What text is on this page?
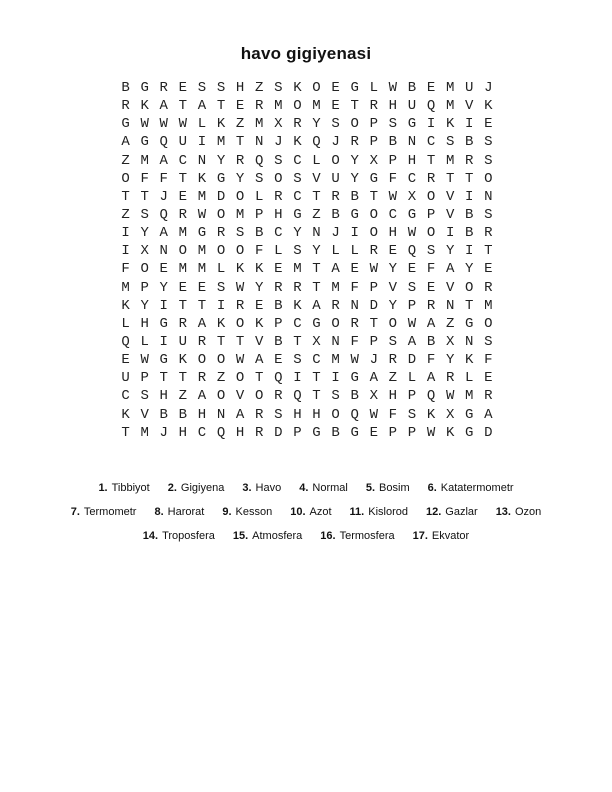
havo gigiyenasi
B G R E S S H Z S K O E G L W B E M U J
R K A T A T E R M O M E T R H U Q M V K
G W W W L K Z M X R Y S O P S G I K I E
A G Q U I M T N J K Q J R P B N C S B S
Z M A C N Y R Q S C L O Y X P H T M R S
O F F T K G Y S O S V U Y G F C R T T O
T T J E M D O L R C T R B T W X O V I N
Z S Q R W O M P H G Z B G O C G P V B S
I Y A M G R S B C Y N J I O H W O I B R
I X N O M O O F L S Y L L R E Q S Y I T
F O E M M L K K E M T A E W Y E F A Y E
M P Y E E S W Y R R T M F P V S E V O R
K Y I T T I R E B K A R N D Y P R N T M
L H G R A K O K P C G O R T O W A Z G O
Q L I U R T T V B T X N F P S A B X N S
E W G K O O W A E S C M W J R D F Y K F
U P T T R Z O T Q I T I G A Z L A R L E
C S H Z A O V O R Q T S B X H P Q W M R
K V B B H N A R S H H O Q W F S K X G A
T M J H C Q H R D P G B G E P P W K G D
1. Tibbiyot 2. Gigiyena 3. Havo 4. Normal 5. Bosim 6. Katatermometr
7. Termometr 8. Harorat 9. Kesson 10. Azot 11. Kislorod 12. Gazlar 13. Ozon
14. Troposfera 15. Atmosfera 16. Termosfera 17. Ekvator
